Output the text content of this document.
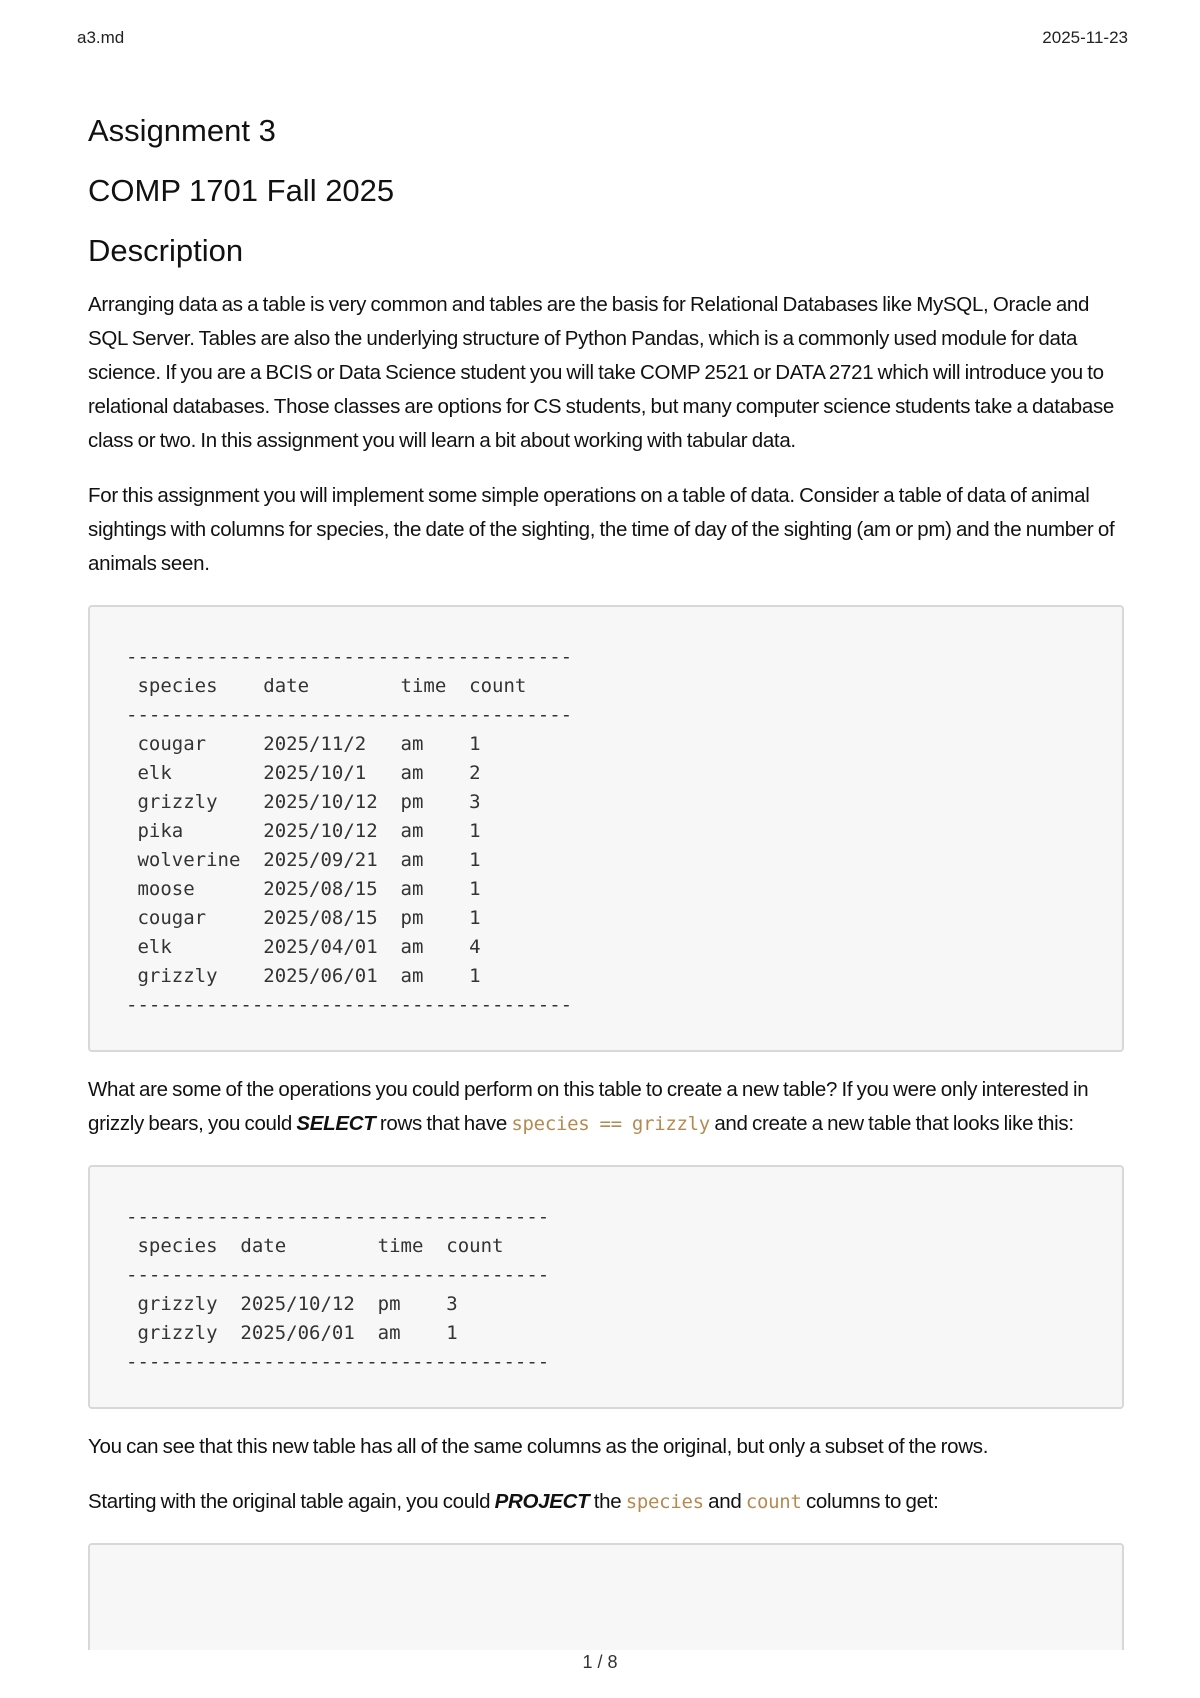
a3.md	2025-11-23
Assignment 3
COMP 1701 Fall 2025
Description

Arranging data as a table is very common and tables are the basis for Relational Databases like MySQL, Oracle and SQL Server. Tables are also the underlying structure of Python Pandas, which is a commonly used module for data science. If you are a BCIS or Data Science student you will take COMP 2521 or DATA 2721 which will introduce you to relational databases. Those classes are options for CS students, but many computer science students take a database class or two. In this assignment you will learn a bit about working with tabular data.

For this assignment you will implement some simple operations on a table of data. Consider a table of data of animal sightings with columns for species, the date of the sighting, the time of day of the sighting (am or pm) and the number of animals seen.

---------------------------------------
species    date        time  count
---------------------------------------
cougar     2025/11/2   am    1
elk        2025/10/1   am    2
grizzly    2025/10/12  pm    3
pika       2025/10/12  am    1
wolverine  2025/09/21  am    1
moose      2025/08/15  am    1
cougar     2025/08/15  pm    1
elk        2025/04/01  am    4
grizzly    2025/06/01  am    1
---------------------------------------

What are some of the operations you could perform on this table to create a new table? If you were only interested in grizzly bears, you could SELECT rows that have species == grizzly and create a new table that looks like this:

-------------------------------------
species  date        time  count
-------------------------------------
grizzly  2025/10/12  pm    3
grizzly  2025/06/01  am    1
-------------------------------------

You can see that this new table has all of the same columns as the original, but only a subset of the rows.

Starting with the original table again, you could PROJECT the species and count columns to get:

1 / 8
